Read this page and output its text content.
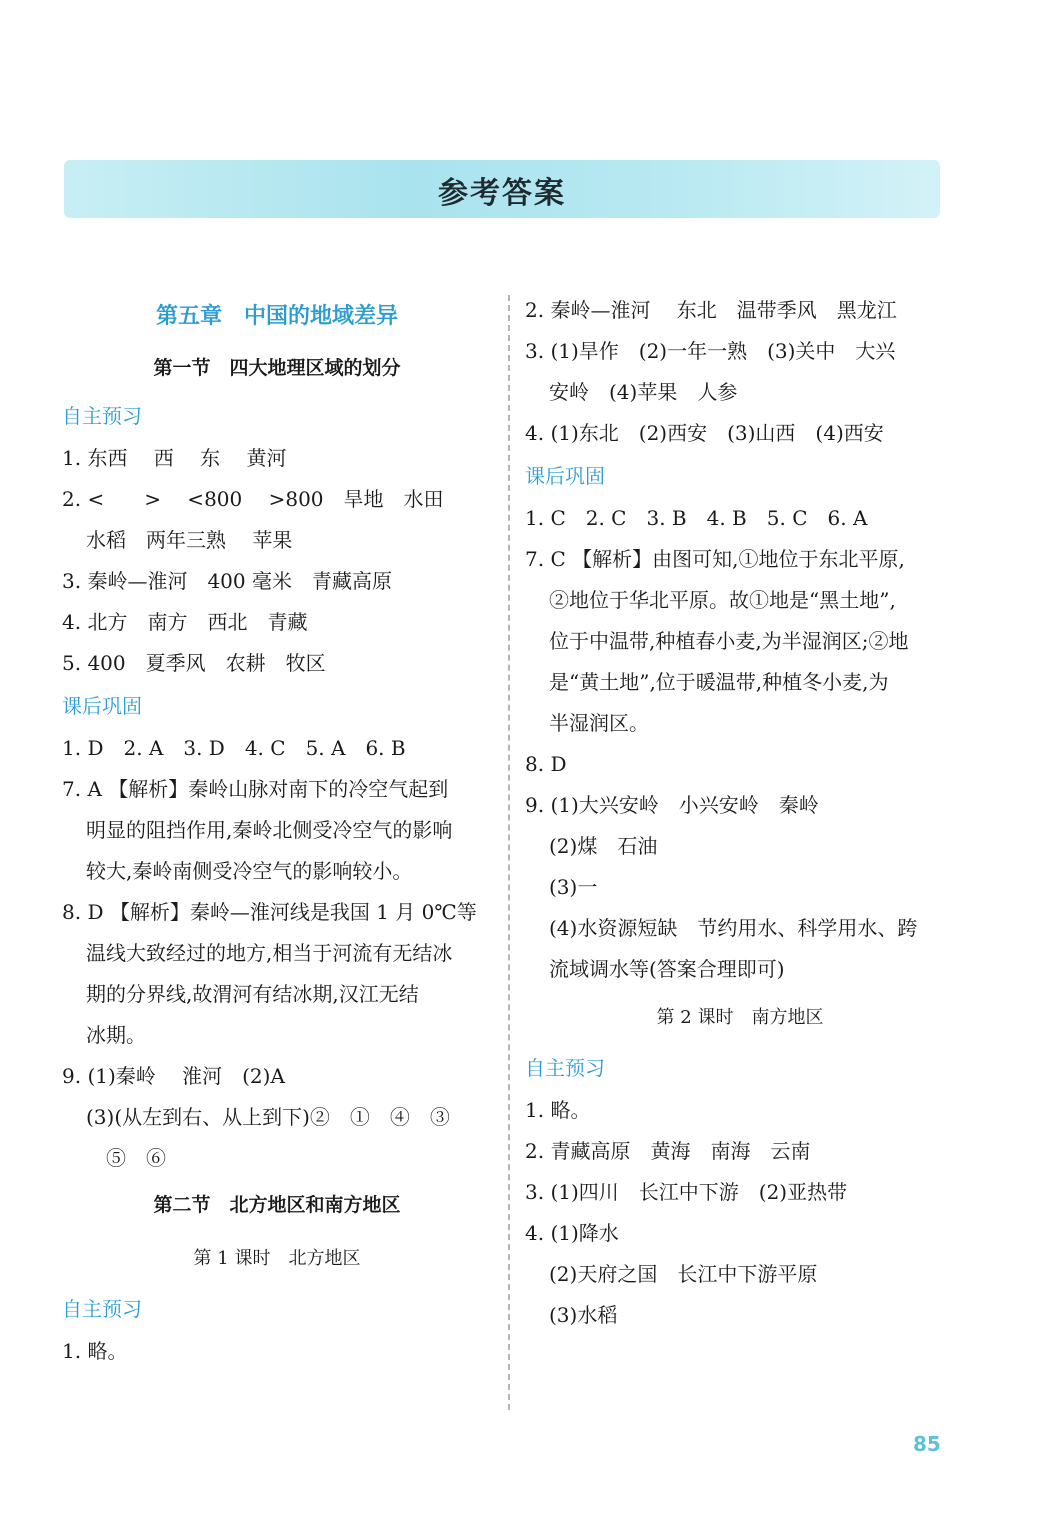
参考答案
第五章　中国的地域差异
第一节　四大地理区域的划分
自主预习
1. 东西　 西 　东 　黄河
2. <　　>　 <800　 >800　旱地　水田
水稻　两年三熟　 苹果
3. 秦岭—淮河　400 毫米　青藏高原
4. 北方　南方　西北　青藏
5. 400　夏季风　农耕　牧区
课后巩固
1. D　2. A　3. D　4. C　5. A　6. B
7. A 【解析】秦岭山脉对南下的冷空气起到
明显的阻挡作用,秦岭北侧受冷空气的影响
较大,秦岭南侧受冷空气的影响较小。
8. D 【解析】秦岭—淮河线是我国 1 月 0℃等
温线大致经过的地方,相当于河流有无结冰
期的分界线,故渭河有结冰期,汉江无结
冰期。
9. (1)秦岭　 淮河　(2)A
(3)(从左到右、从上到下)②　①　④　③
　⑤　⑥
第二节　北方地区和南方地区
第 1 课时　北方地区
自主预习
1. 略。
2. 秦岭—淮河　 东北　温带季风　黑龙江
3. (1)旱作　(2)一年一熟　(3)关中　大兴
安岭　(4)苹果　人参
4. (1)东北　(2)西安　(3)山西　(4)西安
课后巩固
1. C　2. C　3. B　4. B　5. C　6. A
7. C 【解析】由图可知,①地位于东北平原,
②地位于华北平原。故①地是“黑土地”,
位于中温带,种植春小麦,为半湿润区;②地
是“黄土地”,位于暖温带,种植冬小麦,为
半湿润区。
8. D
9. (1)大兴安岭　小兴安岭　秦岭
(2)煤　石油
(3)一
(4)水资源短缺　节约用水、科学用水、跨
流域调水等(答案合理即可)
第 2 课时　南方地区
自主预习
1. 略。
2. 青藏高原　黄海　南海　云南
3. (1)四川　长江中下游　(2)亚热带
4. (1)降水
(2)天府之国　长江中下游平原
(3)水稻
85
